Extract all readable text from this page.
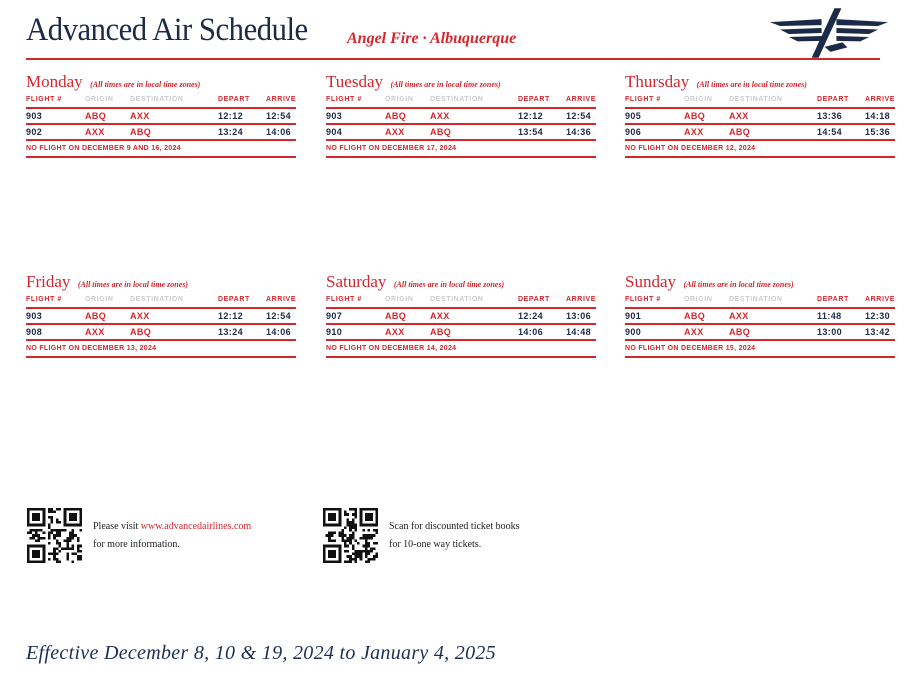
Advanced Air Schedule Angel Fire · Albuquerque
Monday (All times are in local time zones)
FLIGHT #	ORIGIN	DESTINATION	DEPART	ARRIVE
903	ABQ	AXX	12:12	12:54
902	AXX	ABQ	13:24	14:06
NO FLIGHT ON DECEMBER 9 AND 16, 2024
Tuesday (All times are in local time zones)
FLIGHT #	ORIGIN	DESTINATION	DEPART	ARRIVE
903	ABQ	AXX	12:12	12:54
904	AXX	ABQ	13:54	14:36
NO FLIGHT ON DECEMBER 17, 2024
Thursday (All times are in local time zones)
FLIGHT #	ORIGIN	DESTINATION	DEPART	ARRIVE
905	ABQ	AXX	13:36	14:18
906	AXX	ABQ	14:54	15:36
NO FLIGHT ON DECEMBER 12, 2024
Friday (All times are in local time zones)
FLIGHT #	ORIGIN	DESTINATION	DEPART	ARRIVE
903	ABQ	AXX	12:12	12:54
908	AXX	ABQ	13:24	14:06
NO FLIGHT ON DECEMBER 13, 2024
Saturday (All times are in local time zones)
FLIGHT #	ORIGIN	DESTINATION	DEPART	ARRIVE
907	ABQ	AXX	12:24	13:06
910	AXX	ABQ	14:06	14:48
NO FLIGHT ON DECEMBER 14, 2024
Sunday (All times are in local time zones)
FLIGHT #	ORIGIN	DESTINATION	DEPART	ARRIVE
901	ABQ	AXX	11:48	12:30
900	AXX	ABQ	13:00	13:42
NO FLIGHT ON DECEMBER 15, 2024
Please visit www.advancedairlines.com
for more information.
Scan for discounted ticket books
for 10-one way tickets.
Effective December 8, 10 & 19, 2024 to January 4, 2025
